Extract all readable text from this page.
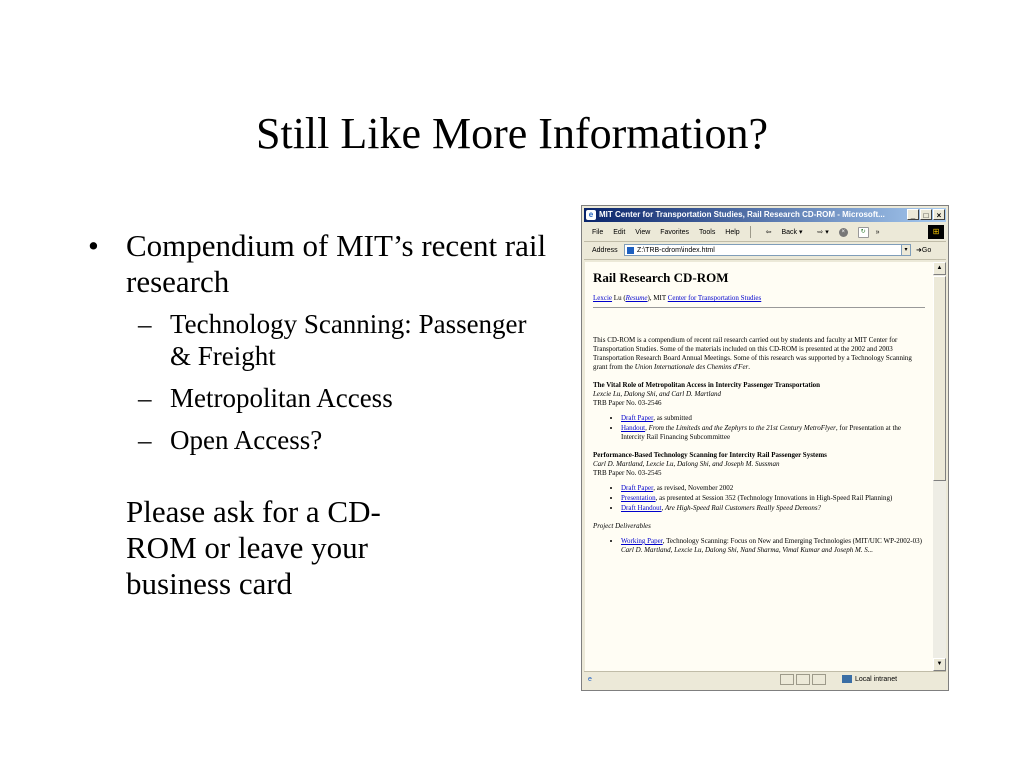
Still Like More Information?
• Compendium of MIT’s recent rail research
– Technology Scanning: Passenger & Freight
– Metropolitan Access
– Open Access?
Please ask for a CD-ROM or leave your business card
e MIT Center for Transportation Studies, Rail Research CD-ROM - Microsoft...	_	□	×
File Edit View Favorites Tools Help	⇦ Back ▾ ⇨ ▾ ×	↻ »	⊞
Address	Z:\TRB-cdrom\index.html	▾	➜Go
Rail Research CD-ROM
Lexcie Lu (Resume), MIT Center for Transportation Studies
This CD-ROM is a compendium of recent rail research carried out by students and faculty at MIT Center for Transportation Studies. Some of the materials included on this CD-ROM is presented at the 2002 and 2003 Transportation Research Board Annual Meetings. Some of this research was supported by a Technology Scanning grant from the Union Internationale des Chemins d'Fer.
The Vital Role of Metropolitan Access in Intercity Passenger Transportation
Lexcie Lu, Dalong Shi, and Carl D. Martland
TRB Paper No. 03-2546
• Draft Paper, as submitted
• Handout, From the Limiteds and the Zephyrs to the 21st Century MetroFlyer, for Presentation at the Intercity Rail Financing Subcommittee
Performance-Based Technology Scanning for Intercity Rail Passenger Systems
Carl D. Martland, Lexcie Lu, Dalong Shi, and Joseph M. Sussman
TRB Paper No. 03-2545
• Draft Paper, as revised, November 2002
• Presentation, as presented at Session 352 (Technology Innovations in High-Speed Rail Planning)
• Draft Handout, Are High-Speed Rail Customers Really Speed Demons?
Project Deliverables
• Working Paper, Technology Scanning: Focus on New and Emerging Technologies (MIT/UIC WP-2002-03)
Carl D. Martland, Lexcie Lu, Dalong Shi, Nand Sharma, Vimal Kumar and Joseph M. S...
▲
▼
e	Local intranet
